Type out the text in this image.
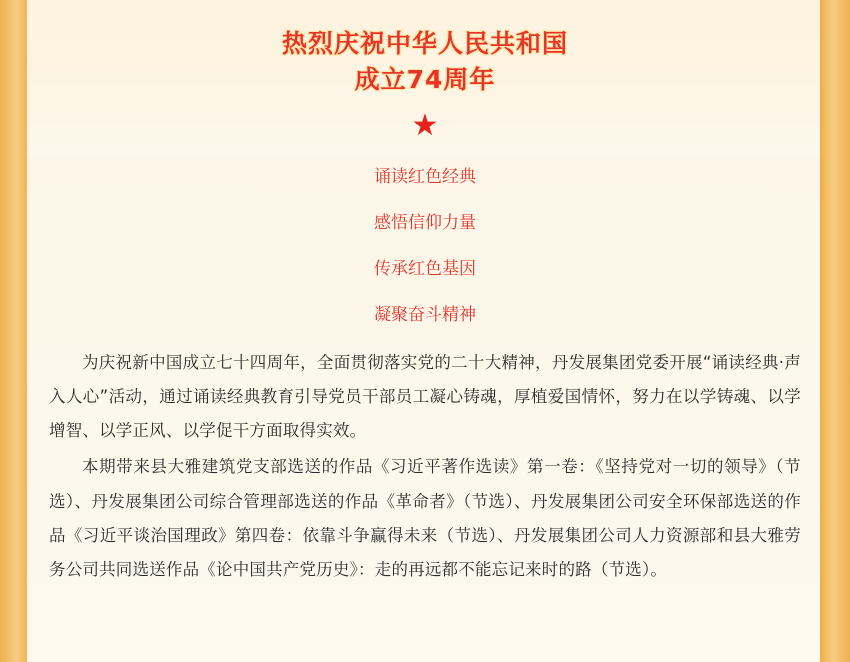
热烈庆祝中华人民共和国
成立74周年
★
诵读红色经典
感悟信仰力量
传承红色基因
凝聚奋斗精神

为庆祝新中国成立七十四周年，全面贯彻落实党的二十大精神，丹发展集团党委开展“诵读经典·声入人心”活动，通过诵读经典教育引导党员干部员工凝心铸魂，厚植爱国情怀，努力在以学铸魂、以学增智、以学正风、以学促干方面取得实效。

本期带来县大雅建筑党支部选送的作品《习近平著作选读》第一卷：《坚持党对一切的领导》（节选）、丹发展集团公司综合管理部选送的作品《革命者》（节选）、丹发展集团公司安全环保部选送的作品《习近平谈治国理政》第四卷：依靠斗争赢得未来（节选）、丹发展集团公司人力资源部和县大雅劳务公司共同选送作品《论中国共产党历史》：走的再远都不能忘记来时的路（节选）。
